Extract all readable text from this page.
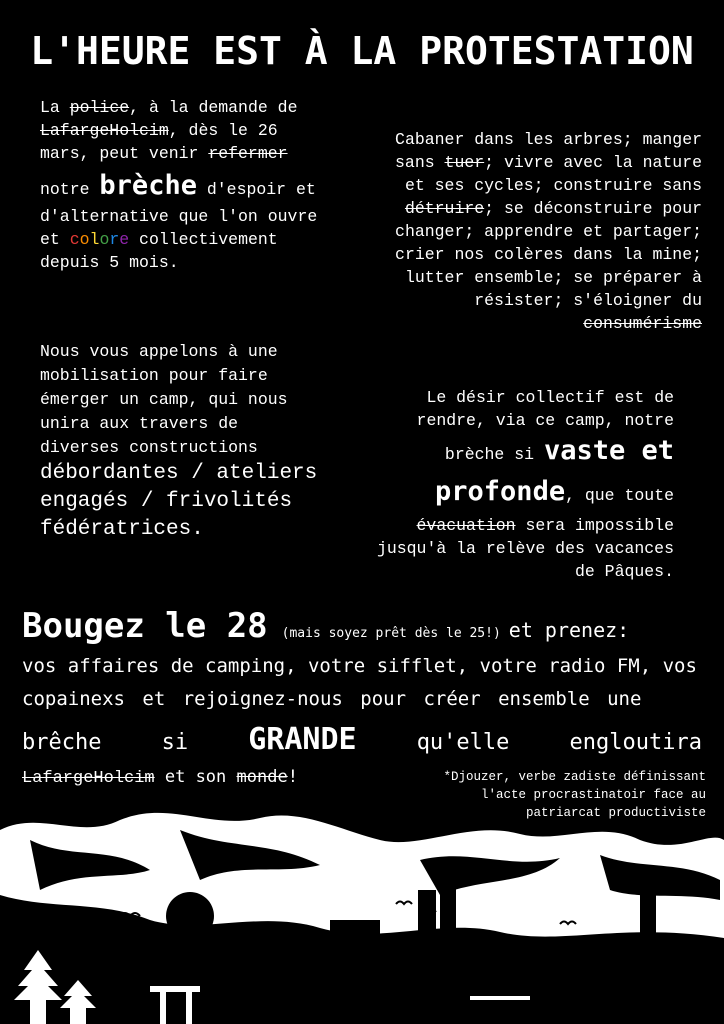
L'HEURE EST À LA PROTESTATION
La police, à la demande de
LafargeHolcim, dès le 26
mars, peut venir refermer
notre brèche d'espoir et
d'alternative que l'on ouvre
et colore collectivement
depuis 5 mois.
Cabaner dans les arbres; manger
sans tuer; vivre avec la nature
et ses cycles; construire sans
détruire; se déconstruire pour
changer; apprendre et partager;
crier nos colères dans la mine;
lutter ensemble; se préparer à
résister; s'éloigner du
consumérisme
Nous vous appelons à une
mobilisation pour faire
émerger un camp, qui nous
unira aux travers de
diverses constructions
débordantes / ateliers
engagés / frivolités
fédératrices.
Le désir collectif est de
rendre, via ce camp, notre
brèche si vaste et
profonde, que toute
évacuation sera impossible
jusqu'à la relève des vacances
de Pâques.
Bougez le 28 (mais soyez prêt dès le 25!) et prenez:
vos affaires de camping, votre sifflet, votre radio FM, vos
copainexs et rejoignez-nous pour créer ensemble une
brêche	si GRANDE	qu'elle	engloutira
LafargeHolcim et son monde!	*Djouzer, verbe zadiste définissant
l'acte procrastinatoir face au
patriarcat productiviste
